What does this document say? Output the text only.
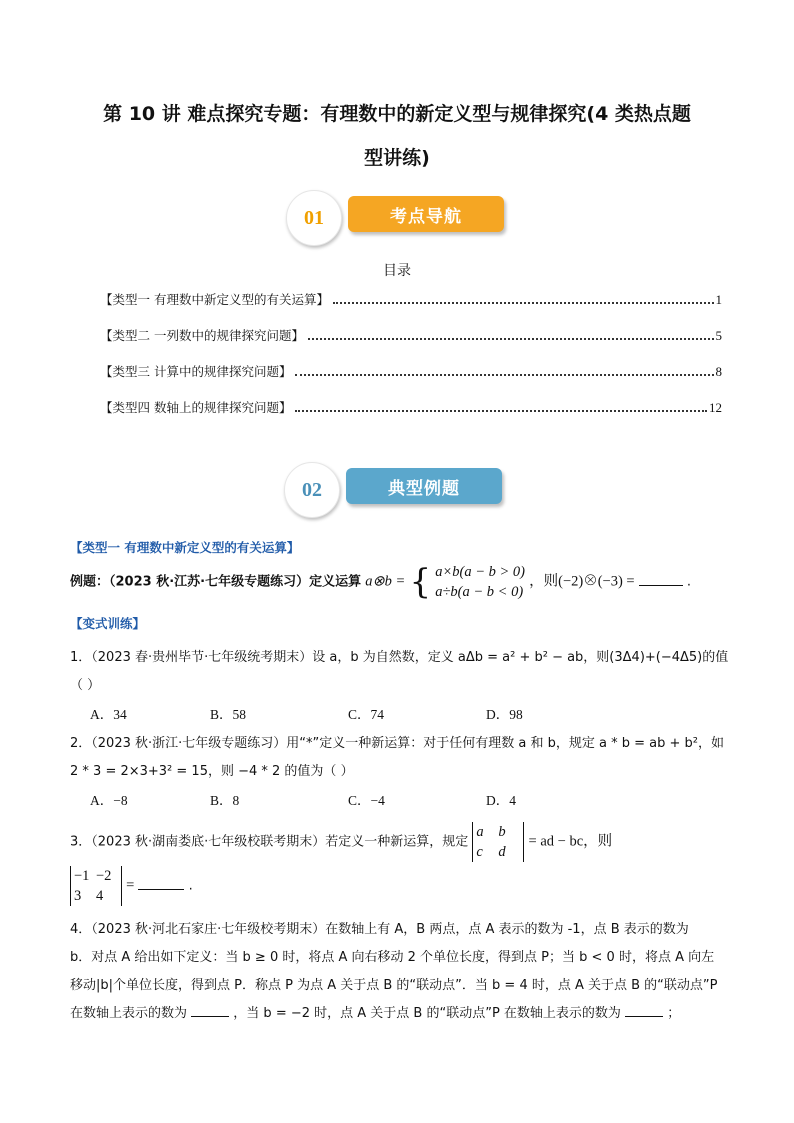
第 10 讲 难点探究专题：有理数中的新定义型与规律探究(4 类热点题
型讲练)
01	考点导航
目录
【类型一 有理数中新定义型的有关运算】	1
【类型二 一列数中的规律探究问题】	5
【类型三 计算中的规律探究问题】	8
【类型四 数轴上的规律探究问题】	12
02	典型例题
【类型一 有理数中新定义型的有关运算】
例题：（2023 秋·江苏·七年级专题练习）定义运算 a⊗b = { a×b(a − b > 0)
a÷b(a − b < 0)
，则(−2)⊗(−3) =	.
【变式训练】
1．（2023 春·贵州毕节·七年级统考期末）设 a，b 为自然数，定义 aΔb = a² + b² − ab，则(3Δ4)+(−4Δ5)的值
（ ）
A．34	B．58	C．74	D．98
2．（2023 秋·浙江·七年级专题练习）用“*”定义一种新运算：对于任何有理数 a 和 b，规定 a * b = ab + b²，如
2 * 3 = 2×3+3² = 15，则 −4 * 2 的值为（ ）
A．−8	B．8	C．−4	D．4
3．（2023 秋·湖南娄底·七年级校联考期末）若定义一种新运算，规定 a b
c d = ad − bc，则
−1 −2
3 4 =	.
4．（2023 秋·河北石家庄·七年级校考期末）在数轴上有 A，B 两点，点 A 表示的数为 -1，点 B 表示的数为
b．对点 A 给出如下定义：当 b ≥ 0 时，将点 A 向右移动 2 个单位长度，得到点 P；当 b < 0 时，将点 A 向左
移动|b|个单位长度，得到点 P．称点 P 为点 A 关于点 B 的“联动点”．当 b = 4 时，点 A 关于点 B 的“联动点”P
在数轴上表示的数为	，当 b = −2 时，点 A 关于点 B 的“联动点”P 在数轴上表示的数为	；
